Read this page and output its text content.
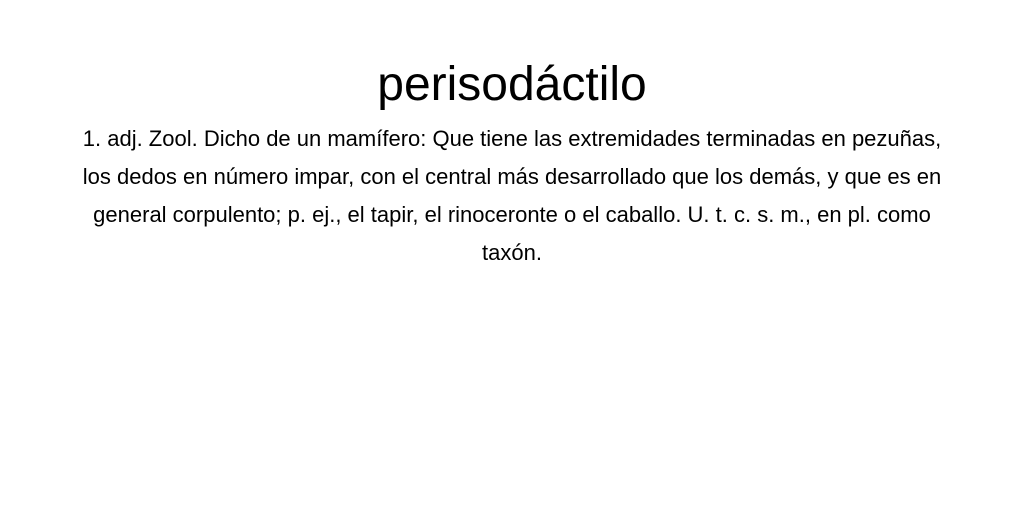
perisodáctilo

1. adj. Zool. Dicho de un mamífero: Que tiene las extremidades terminadas en pezuñas, los dedos en número impar, con el central más desarrollado que los demás, y que es en general corpulento; p. ej., el tapir, el rinoceronte o el caballo. U. t. c. s. m., en pl. como taxón.
